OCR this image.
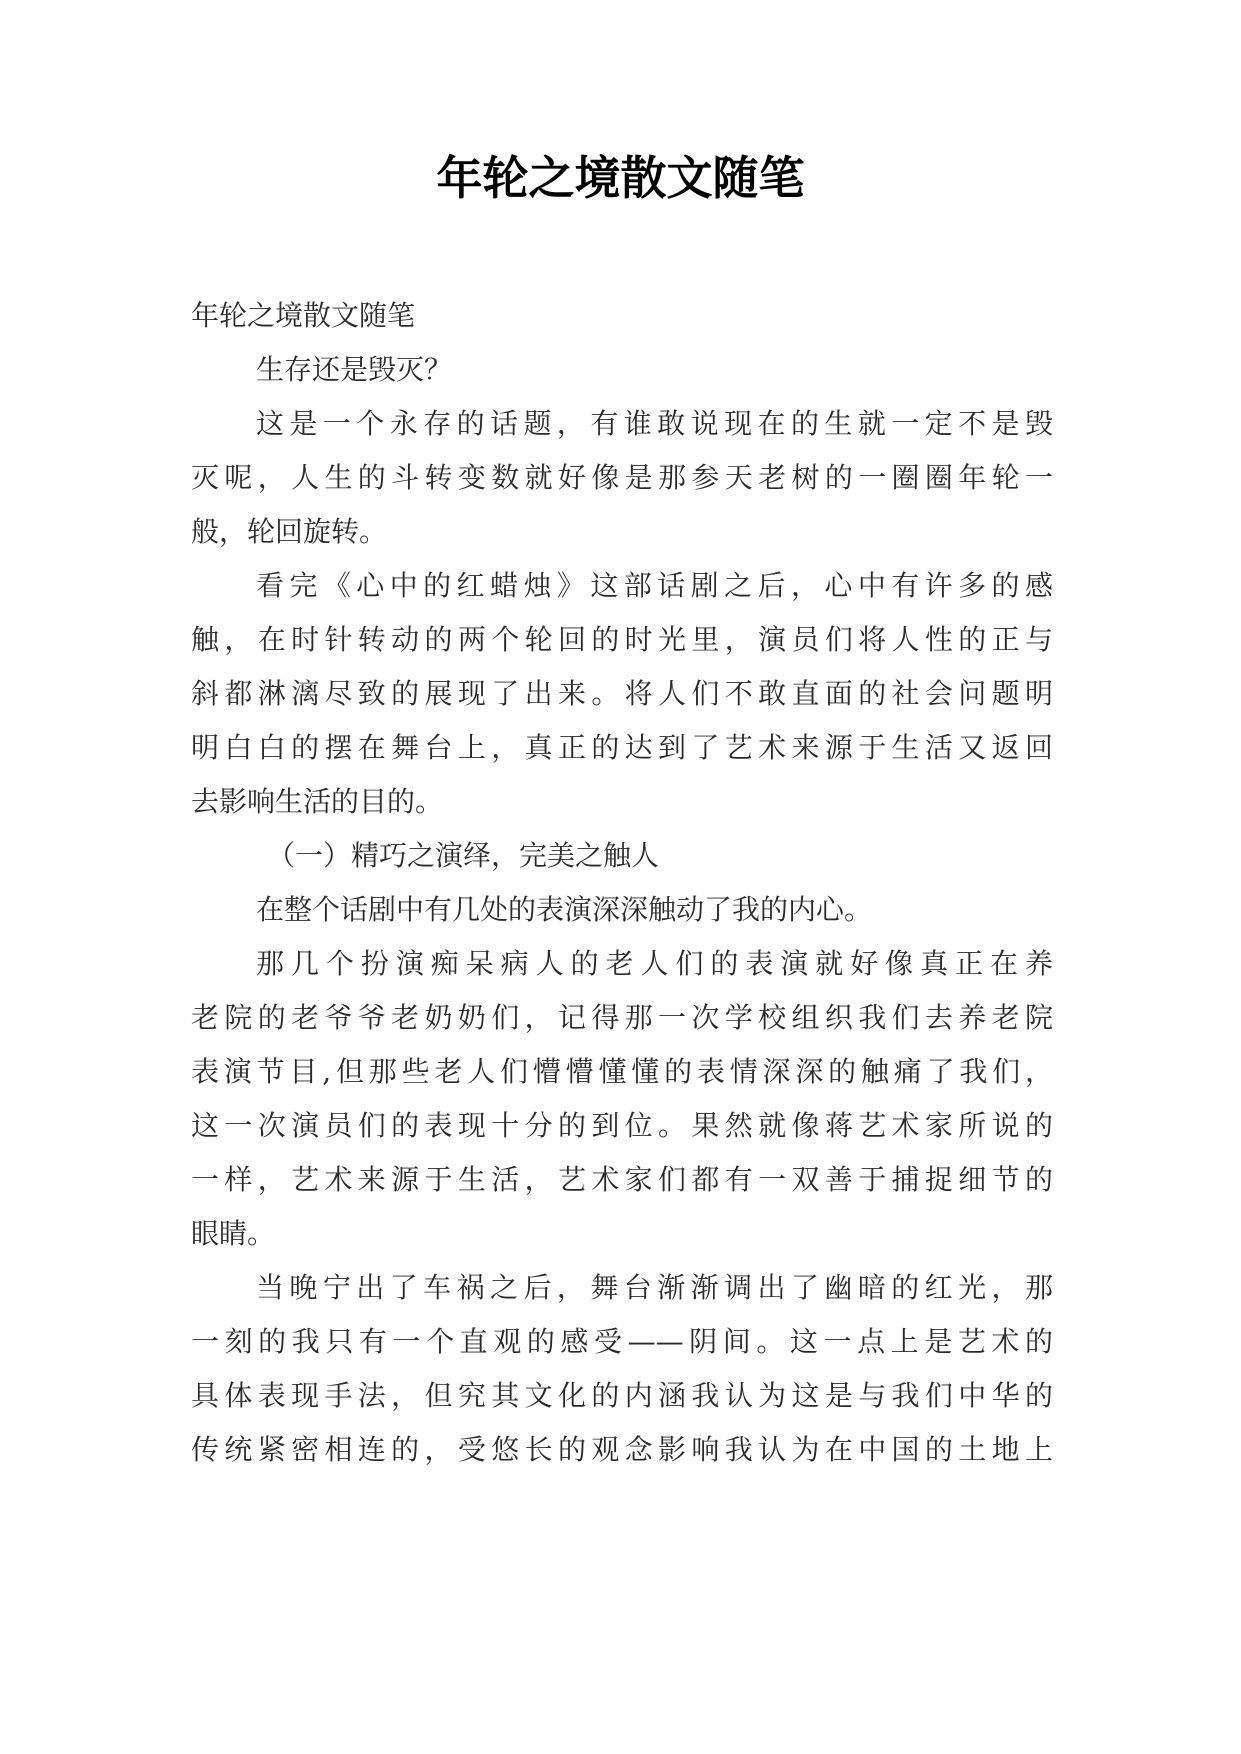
年轮之境散文随笔
年轮之境散文随笔
生存还是毁灭？
这是一个永存的话题，有谁敢说现在的生就一定不是毁
灭呢，人生的斗转变数就好像是那参天老树的一圈圈年轮一
般，轮回旋转。
看完《心中的红蜡烛》这部话剧之后，心中有许多的感
触，在时针转动的两个轮回的时光里，演员们将人性的正与
斜都淋漓尽致的展现了出来。将人们不敢直面的社会问题明
明白白的摆在舞台上，真正的达到了艺术来源于生活又返回
去影响生活的目的。
（一）精巧之演绎，完美之触人
在整个话剧中有几处的表演深深触动了我的内心。
那几个扮演痴呆病人的老人们的表演就好像真正在养
老院的老爷爷老奶奶们，记得那一次学校组织我们去养老院
表演节目,但那些老人们懵懵懂懂的表情深深的触痛了我们，
这一次演员们的表现十分的到位。果然就像蒋艺术家所说的
一样，艺术来源于生活，艺术家们都有一双善于捕捉细节的
眼睛。
当晚宁出了车祸之后，舞台渐渐调出了幽暗的红光，那
一刻的我只有一个直观的感受——阴间。这一点上是艺术的
具体表现手法，但究其文化的内涵我认为这是与我们中华的
传统紧密相连的，受悠长的观念影响我认为在中国的土地上
